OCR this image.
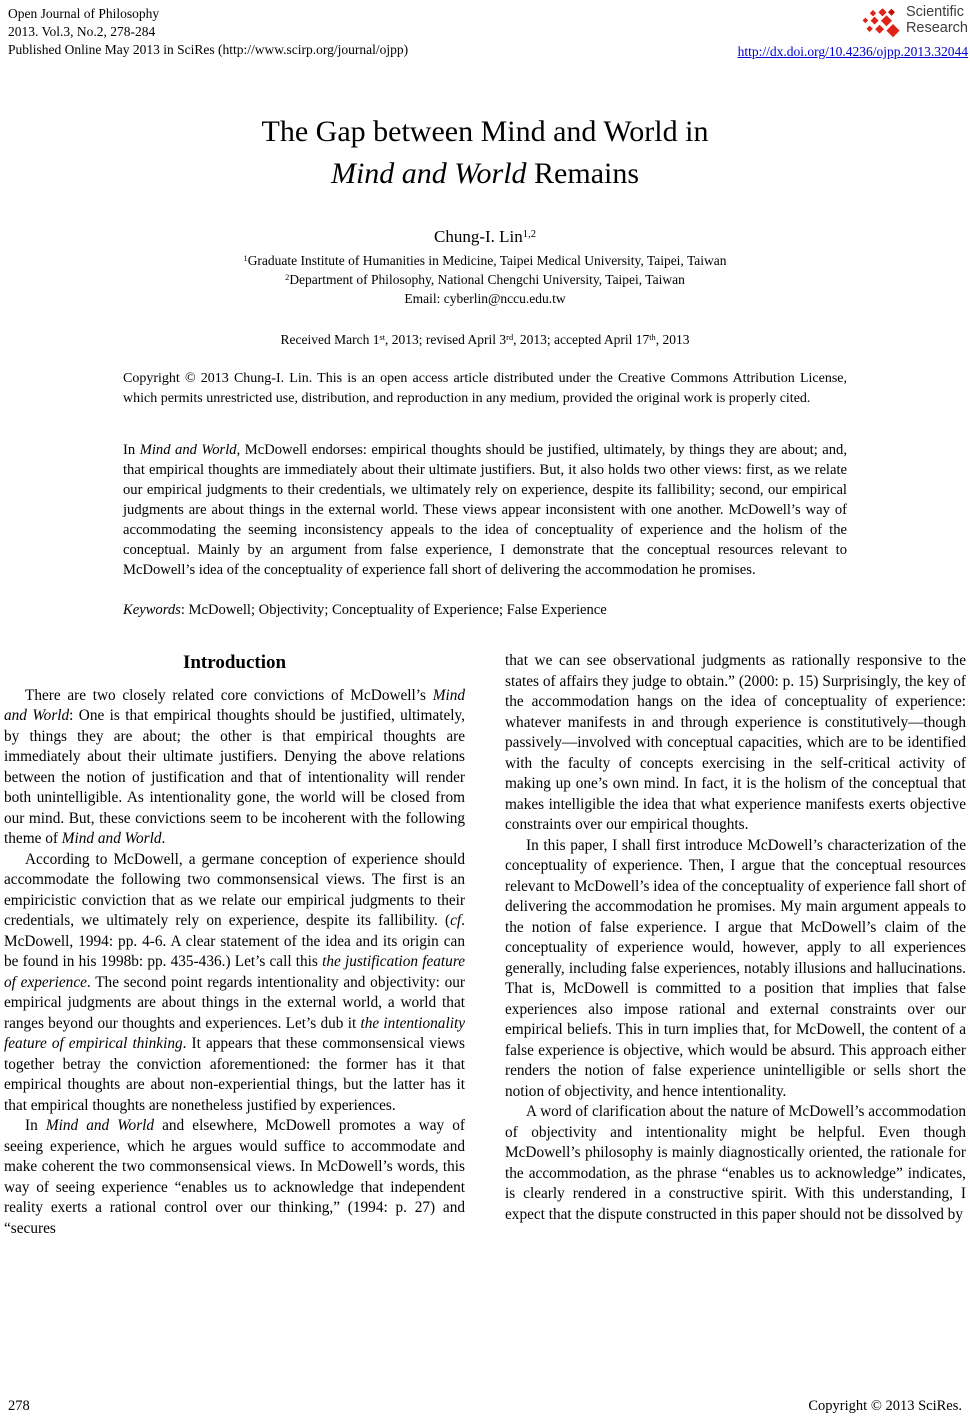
Open Journal of Philosophy
2013. Vol.3, No.2, 278-284
Published Online May 2013 in SciRes (http://www.scirp.org/journal/ojpp)
Scientific
Research
http://dx.doi.org/10.4236/ojpp.2013.32044
The Gap between Mind and World in
Mind and World Remains
Chung-I. Lin$^{1,2}$
$^1$Graduate Institute of Humanities in Medicine, Taipei Medical University, Taipei, Taiwan
$^2$Department of Philosophy, National Chengchi University, Taipei, Taiwan
Email: cyberlin@nccu.edu.tw
Received March 1st, 2013; revised April 3rd, 2013; accepted April 17th, 2013
Copyright © 2013 Chung-I. Lin. This is an open access article distributed under the Creative Commons Attribution License, which permits unrestricted use, distribution, and reproduction in any medium, provided the original work is properly cited.
In Mind and World, McDowell endorses: empirical thoughts should be justified, ultimately, by things they are about; and, that empirical thoughts are immediately about their ultimate justifiers. But, it also holds two other views: first, as we relate our empirical judgments to their credentials, we ultimately rely on experience, despite its fallibility; second, our empirical judgments are about things in the external world. These views appear inconsistent with one another. McDowell’s way of accommodating the seeming inconsistency appeals to the idea of conceptuality of experience and the holism of the conceptual. Mainly by an argument from false experience, I demonstrate that the conceptual resources relevant to McDowell’s idea of the conceptuality of experience fall short of delivering the accommodation he promises.
Keywords: McDowell; Objectivity; Conceptuality of Experience; False Experience
Introduction

There are two closely related core convictions of McDowell’s Mind and World: One is that empirical thoughts should be justified, ultimately, by things they are about; the other is that empirical thoughts are immediately about their ultimate justifiers. Denying the above relations between the notion of justification and that of intentionality will render both unintelligible. As intentionality gone, the world will be closed from our mind. But, these convictions seem to be incoherent with the following theme of Mind and World.

According to McDowell, a germane conception of experience should accommodate the following two commonsensical views. The first is an empiricistic conviction that as we relate our empirical judgments to their credentials, we ultimately rely on experience, despite its fallibility. (cf. McDowell, 1994: pp. 4-6. A clear statement of the idea and its origin can be found in his 1998b: pp. 435-436.) Let’s call this the justification feature of experience. The second point regards intentionality and objectivity: our empirical judgments are about things in the external world, a world that ranges beyond our thoughts and experiences. Let’s dub it the intentionality feature of empirical thinking. It appears that these commonsensical views together betray the conviction aforementioned: the former has it that empirical thoughts are about non-experiential things, but the latter has it that empirical thoughts are nonetheless justified by experiences.

In Mind and World and elsewhere, McDowell promotes a way of seeing experience, which he argues would suffice to accommodate and make coherent the two commonsensical views. In McDowell’s words, this way of seeing experience “enables us to acknowledge that independent reality exerts a rational control over our thinking,” (1994: p. 27) and “secures

that we can see observational judgments as rationally responsive to the states of affairs they judge to obtain.” (2000: p. 15) Surprisingly, the key of the accommodation hangs on the idea of conceptuality of experience: whatever manifests in and through experience is constitutively—though passively—involved with conceptual capacities, which are to be identified with the faculty of concepts exercising in the self-critical activity of making up one’s own mind. In fact, it is the holism of the conceptual that makes intelligible the idea that what experience manifests exerts objective constraints over our empirical thoughts.

In this paper, I shall first introduce McDowell’s characterization of the conceptuality of experience. Then, I argue that the conceptual resources relevant to McDowell’s idea of the conceptuality of experience fall short of delivering the accommodation he promises. My main argument appeals to the notion of false experience. I argue that McDowell’s claim of the conceptuality of experience would, however, apply to all experiences generally, including false experiences, notably illusions and hallucinations. That is, McDowell is committed to a position that implies that false experiences also impose rational and external constraints over our empirical beliefs. This in turn implies that, for McDowell, the content of a false experience is objective, which would be absurd. This approach either renders the notion of false experience unintelligible or sells short the notion of objectivity, and hence intentionality.

A word of clarification about the nature of McDowell’s accommodation of objectivity and intentionality might be helpful. Even though McDowell’s philosophy is mainly diagnostically oriented, the rationale for the accommodation, as the phrase “enables us to acknowledge” indicates, is clearly rendered in a constructive spirit. With this understanding, I expect that the dispute constructed in this paper should not be dissolved by

278	Copyright © 2013 SciRes.
